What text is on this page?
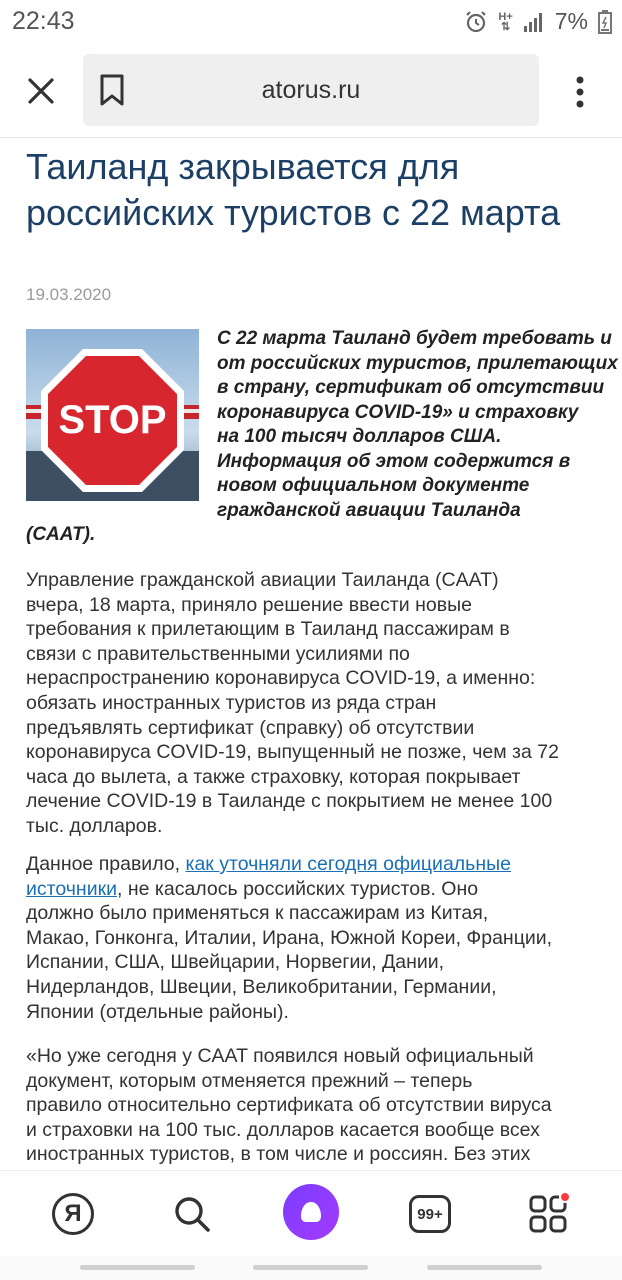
22:43	H+
⇅ 7%
atorus.ru
Таиланд закрывается для российских туристов с 22 марта
19.03.2020
STOP
С 22 марта Таиланд будет требовать и
от российских туристов, прилетающих
в страну, сертификат об отсутствии
коронавируса COVID-19» и страховку
на 100 тысяч долларов США.
Информация об этом содержится в
новом официальном документе
гражданской авиации Таиланда
(CAAT).
Управление гражданской авиации Таиланда (CAAT)
вчера, 18 марта, приняло решение ввести новые
требования к прилетающим в Таиланд пассажирам в
связи с правительственными усилиями по
нераспространению коронавируса COVID-19, а именно:
обязать иностранных туристов из ряда стран
предъявлять сертификат (справку) об отсутствии
коронавируса COVID-19, выпущенный не позже, чем за 72
часа до вылета, а также страховку, которая покрывает
лечение COVID-19 в Таиланде с покрытием не менее 100
тыс. долларов.
Данное правило, как уточняли сегодня официальные
источники, не касалось российских туристов. Оно
должно было применяться к пассажирам из Китая,
Макао, Гонконга, Италии, Ирана, Южной Кореи, Франции,
Испании, США, Швейцарии, Норвегии, Дании,
Нидерландов, Швеции, Великобритании, Германии,
Японии (отдельные районы).
«Но уже сегодня у CAAT появился новый официальный
документ, которым отменяется прежний – теперь
правило относительно сертификата об отсутствии вируса
и страховки на 100 тыс. долларов касается вообще всех
иностранных туристов, в том числе и россиян. Без этих
Я	99+
